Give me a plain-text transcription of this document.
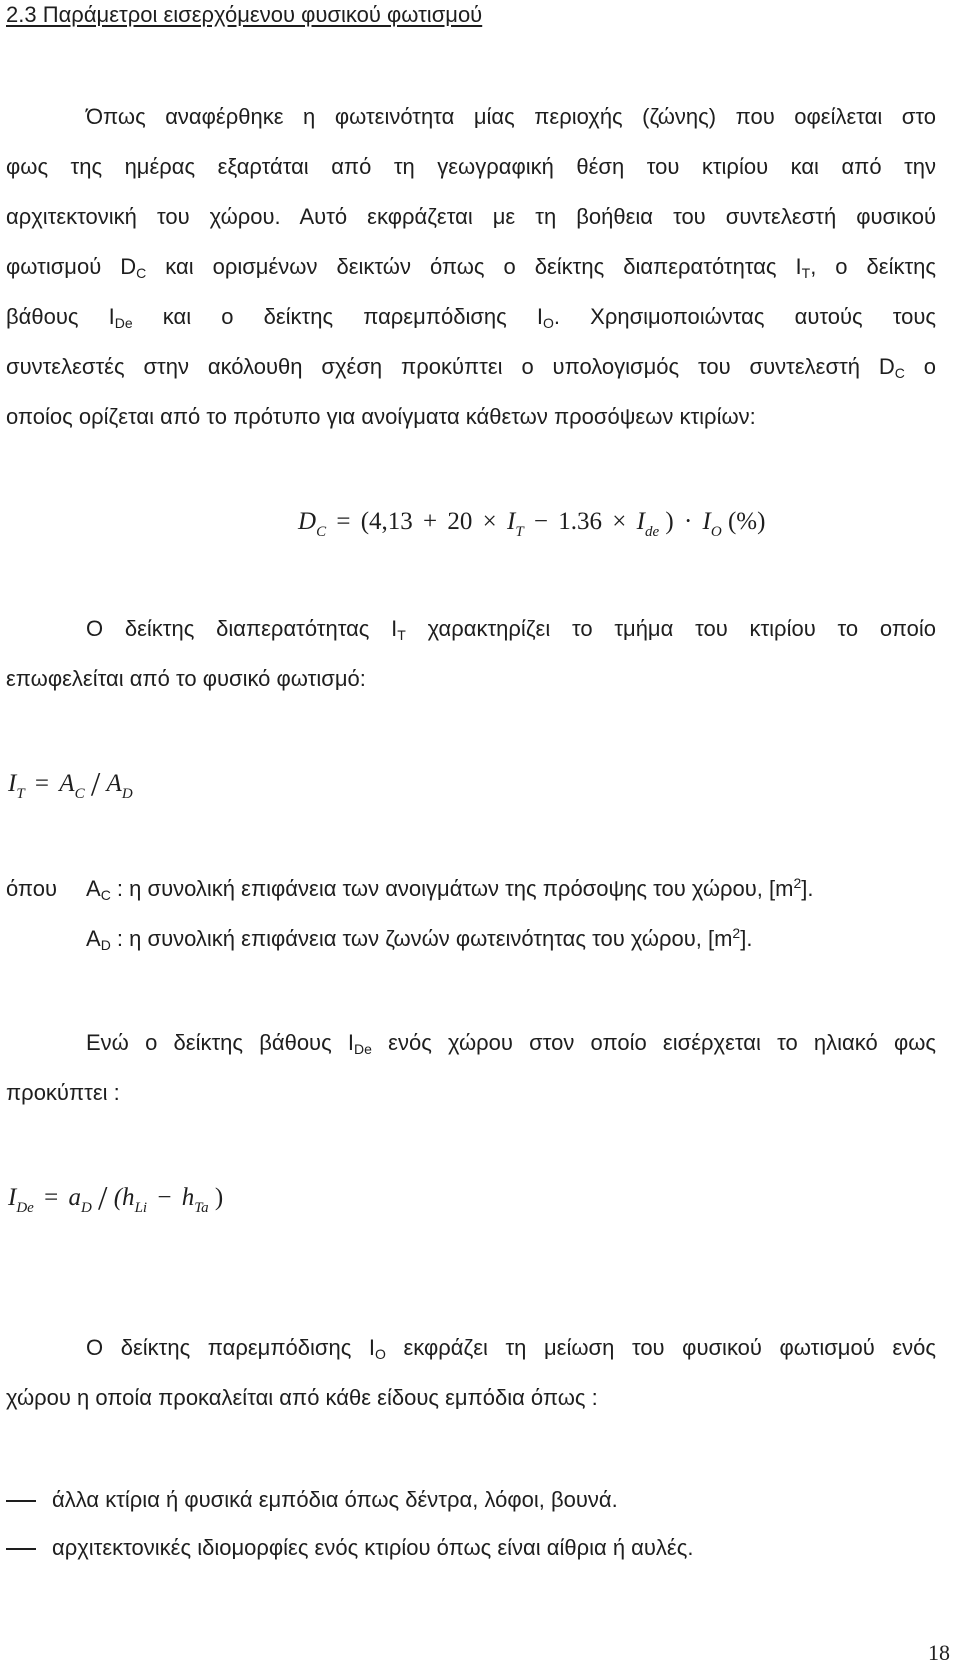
2.3 Παράμετροι εισερχόμενου φυσικού φωτισμού
Όπως αναφέρθηκε η φωτεινότητα μίας περιοχής (ζώνης) που οφείλεται στο
φως της ημέρας εξαρτάται από τη γεωγραφική θέση του κτιρίου και από την
αρχιτεκτονική του χώρου. Αυτό εκφράζεται με τη βοήθεια του συντελεστή φυσικού
φωτισμού $D_C$ και ορισμένων δεικτών όπως ο δείκτης διαπερατότητας $I_T$, ο δείκτης
βάθους $I_{De}$ και ο δείκτης παρεμπόδισης $I_O$. Χρησιμοποιώντας αυτούς τους
συντελεστές στην ακόλουθη σχέση προκύπτει ο υπολογισμός του συντελεστή $D_C$ ο
οποίος ορίζεται από το πρότυπο για ανοίγματα κάθετων προσόψεων κτιρίων:
$D_C = (4,13 + 20 \times I_T - 1.36 \times I_{de}$ ) · $I_O$ (%)
Ο δείκτης διαπερατότητας $I_T$ χαρακτηρίζει το τμήμα του κτιρίου το οποίο
επωφελείται από το φυσικό φωτισμό:
$I_T = A_C / A_D$
όπου $A_C$ : η συνολική επιφάνεια των ανοιγμάτων της πρόσοψης του χώρου, $[m^2]$.
$A_D$ : η συνολική επιφάνεια των ζωνών φωτεινότητας του χώρου, $[m^2]$.
Ενώ ο δείκτης βάθους $I_{De}$ ενός χώρου στον οποίο εισέρχεται το ηλιακό φως
προκύπτει :
$I_{De} = a_D / (h_{Li} - h_{Ta}$ )
Ο δείκτης παρεμπόδισης $I_O$ εκφράζει τη μείωση του φυσικού φωτισμού ενός
χώρου η οποία προκαλείται από κάθε είδους εμπόδια όπως :
άλλα κτίρια ή φυσικά εμπόδια όπως δέντρα, λόφοι, βουνά.
αρχιτεκτονικές ιδιομορφίες ενός κτιρίου όπως είναι αίθρια ή αυλές.
18
